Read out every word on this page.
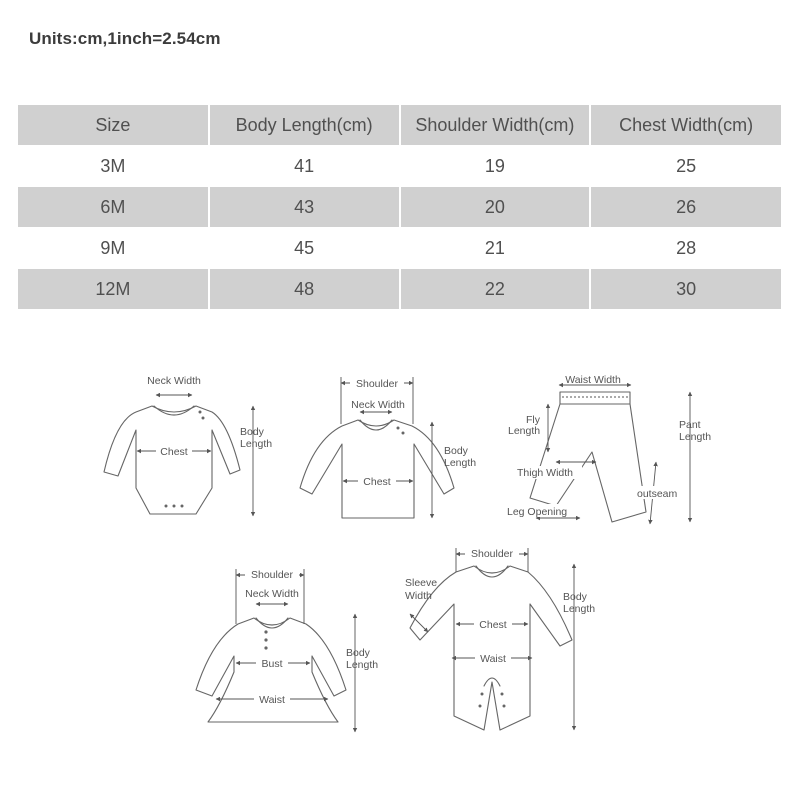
Units:cm,1inch=2.54cm
Size	Body Length(cm)	Shoulder Width(cm)	Chest Width(cm)
3M	41	19	25
6M	43	20	26
9M	45	21	28
12M	48	22	30
Neck Width
Chest
Body
Length
Shoulder
Neck Width
Chest
Body
Length
Waist Width
Fly
Length	Pant
Length
Thigh Width
outseam
Leg Opening
Shoulder
Neck Width
Bust
Waist
Body
Length
Shoulder
Sleeve
Width
Chest
Waist
Body
Length
